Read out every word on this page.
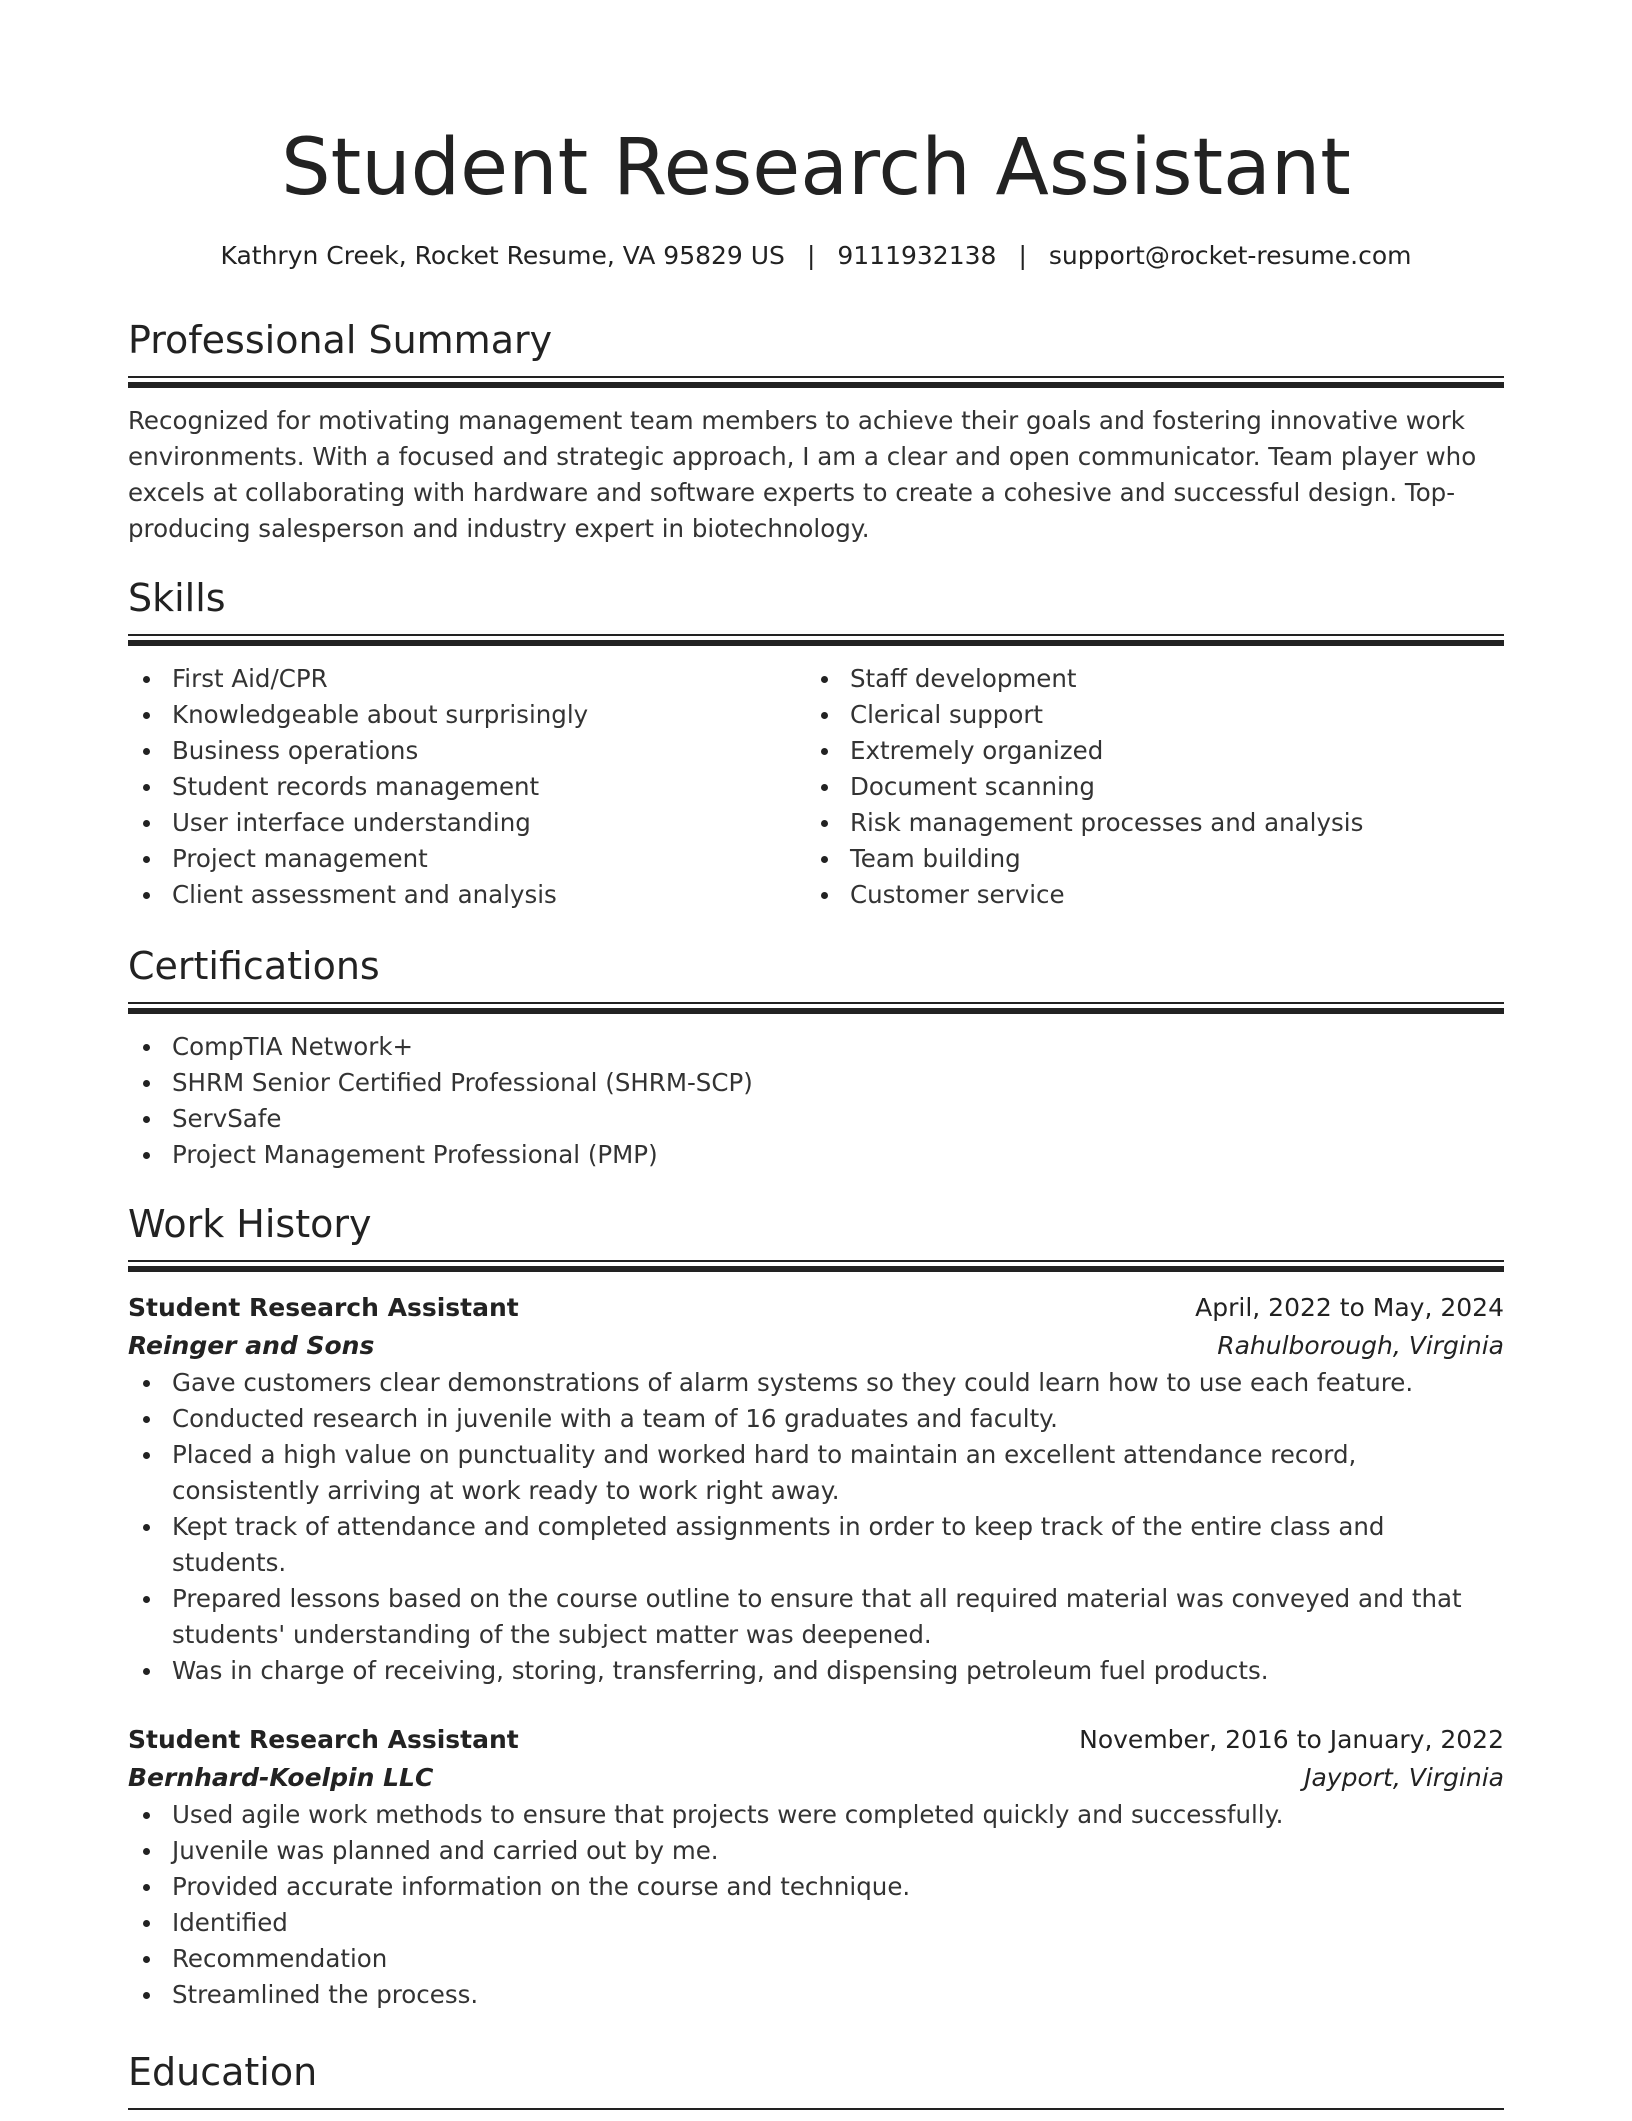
Student Research Assistant
Kathryn Creek, Rocket Resume, VA 95829 US | 9111932138 | support@rocket-resume.com
Professional Summary

Recognized for motivating management team members to achieve their goals and fostering innovative work environments. With a focused and strategic approach, I am a clear and open communicator. Team player who excels at collaborating with hardware and software experts to create a cohesive and successful design. Top-producing salesperson and industry expert in biotechnology.

Skills
First Aid/CPR
Knowledgeable about surprisingly
Business operations
Student records management
User interface understanding
Project management
Client assessment and analysis
Staff development
Clerical support
Extremely organized
Document scanning
Risk management processes and analysis
Team building
Customer service
Certifications
CompTIA Network+
SHRM Senior Certified Professional (SHRM-SCP)
ServSafe
Project Management Professional (PMP)
Work History
Student Research Assistant	April, 2022 to May, 2024
Reinger and Sons	Rahulborough, Virginia
Gave customers clear demonstrations of alarm systems so they could learn how to use each feature.
Conducted research in juvenile with a team of 16 graduates and faculty.
Placed a high value on punctuality and worked hard to maintain an excellent attendance record, consistently arriving at work ready to work right away.
Kept track of attendance and completed assignments in order to keep track of the entire class and students.
Prepared lessons based on the course outline to ensure that all required material was conveyed and that students' understanding of the subject matter was deepened.
Was in charge of receiving, storing, transferring, and dispensing petroleum fuel products.
Student Research Assistant	November, 2016 to January, 2022
Bernhard-Koelpin LLC	Jayport, Virginia
Used agile work methods to ensure that projects were completed quickly and successfully.
Juvenile was planned and carried out by me.
Provided accurate information on the course and technique.
Identified
Recommendation
Streamlined the process.
Education
